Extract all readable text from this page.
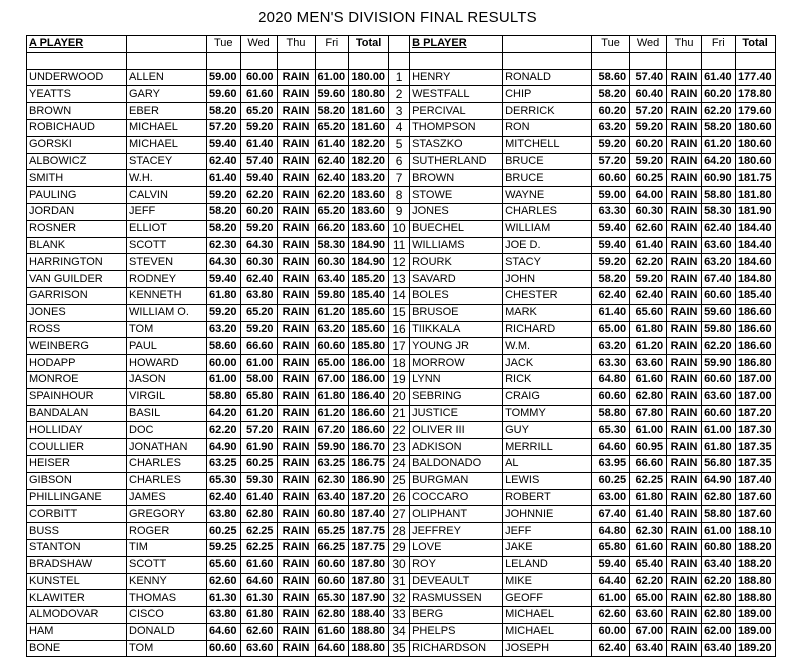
2020 MEN'S DIVISION FINAL RESULTS
A PLAYER		Tue	Wed	Thu	Fri	Total		B PLAYER		Tue	Wed	Thu	Fri	Total

UNDERWOOD	ALLEN	59.00	60.00	RAIN	61.00	180.00	1	HENRY	RONALD	58.60	57.40	RAIN	61.40	177.40
YEATTS	GARY	59.60	61.60	RAIN	59.60	180.80	2	WESTFALL	CHIP	58.20	60.40	RAIN	60.20	178.80
BROWN	EBER	58.20	65.20	RAIN	58.20	181.60	3	PERCIVAL	DERRICK	60.20	57.20	RAIN	62.20	179.60
ROBICHAUD	MICHAEL	57.20	59.20	RAIN	65.20	181.60	4	THOMPSON	RON	63.20	59.20	RAIN	58.20	180.60
GORSKI	MICHAEL	59.40	61.40	RAIN	61.40	182.20	5	STASZKO	MITCHELL	59.20	60.20	RAIN	61.20	180.60
ALBOWICZ	STACEY	62.40	57.40	RAIN	62.40	182.20	6	SUTHERLAND	BRUCE	57.20	59.20	RAIN	64.20	180.60
SMITH	W.H.	61.40	59.40	RAIN	62.40	183.20	7	BROWN	BRUCE	60.60	60.25	RAIN	60.90	181.75
PAULING	CALVIN	59.20	62.20	RAIN	62.20	183.60	8	STOWE	WAYNE	59.00	64.00	RAIN	58.80	181.80
JORDAN	JEFF	58.20	60.20	RAIN	65.20	183.60	9	JONES	CHARLES	63.30	60.30	RAIN	58.30	181.90
ROSNER	ELLIOT	58.20	59.20	RAIN	66.20	183.60	10	BUECHEL	WILLIAM	59.40	62.60	RAIN	62.40	184.40
BLANK	SCOTT	62.30	64.30	RAIN	58.30	184.90	11	WILLIAMS	JOE D.	59.40	61.40	RAIN	63.60	184.40
HARRINGTON	STEVEN	64.30	60.30	RAIN	60.30	184.90	12	ROURK	STACY	59.20	62.20	RAIN	63.20	184.60
VAN GUILDER	RODNEY	59.40	62.40	RAIN	63.40	185.20	13	SAVARD	JOHN	58.20	59.20	RAIN	67.40	184.80
GARRISON	KENNETH	61.80	63.80	RAIN	59.80	185.40	14	BOLES	CHESTER	62.40	62.40	RAIN	60.60	185.40
JONES	WILLIAM O.	59.20	65.20	RAIN	61.20	185.60	15	BRUSOE	MARK	61.40	65.60	RAIN	59.60	186.60
ROSS	TOM	63.20	59.20	RAIN	63.20	185.60	16	TIIKKALA	RICHARD	65.00	61.80	RAIN	59.80	186.60
WEINBERG	PAUL	58.60	66.60	RAIN	60.60	185.80	17	YOUNG JR	W.M.	63.20	61.20	RAIN	62.20	186.60
HODAPP	HOWARD	60.00	61.00	RAIN	65.00	186.00	18	MORROW	JACK	63.30	63.60	RAIN	59.90	186.80
MONROE	JASON	61.00	58.00	RAIN	67.00	186.00	19	LYNN	RICK	64.80	61.60	RAIN	60.60	187.00
SPAINHOUR	VIRGIL	58.80	65.80	RAIN	61.80	186.40	20	SEBRING	CRAIG	60.60	62.80	RAIN	63.60	187.00
BANDALAN	BASIL	64.20	61.20	RAIN	61.20	186.60	21	JUSTICE	TOMMY	58.80	67.80	RAIN	60.60	187.20
HOLLIDAY	DOC	62.20	57.20	RAIN	67.20	186.60	22	OLIVER III	GUY	65.30	61.00	RAIN	61.00	187.30
COULLIER	JONATHAN	64.90	61.90	RAIN	59.90	186.70	23	ADKISON	MERRILL	64.60	60.95	RAIN	61.80	187.35
HEISER	CHARLES	63.25	60.25	RAIN	63.25	186.75	24	BALDONADO	AL	63.95	66.60	RAIN	56.80	187.35
GIBSON	CHARLES	65.30	59.30	RAIN	62.30	186.90	25	BURGMAN	LEWIS	60.25	62.25	RAIN	64.90	187.40
PHILLINGANE	JAMES	62.40	61.40	RAIN	63.40	187.20	26	COCCARO	ROBERT	63.00	61.80	RAIN	62.80	187.60
CORBITT	GREGORY	63.80	62.80	RAIN	60.80	187.40	27	OLIPHANT	JOHNNIE	67.40	61.40	RAIN	58.80	187.60
BUSS	ROGER	60.25	62.25	RAIN	65.25	187.75	28	JEFFREY	JEFF	64.80	62.30	RAIN	61.00	188.10
STANTON	TIM	59.25	62.25	RAIN	66.25	187.75	29	LOVE	JAKE	65.80	61.60	RAIN	60.80	188.20
BRADSHAW	SCOTT	65.60	61.60	RAIN	60.60	187.80	30	ROY	LELAND	59.40	65.40	RAIN	63.40	188.20
KUNSTEL	KENNY	62.60	64.60	RAIN	60.60	187.80	31	DEVEAULT	MIKE	64.40	62.20	RAIN	62.20	188.80
KLAWITER	THOMAS	61.30	61.30	RAIN	65.30	187.90	32	RASMUSSEN	GEOFF	61.00	65.00	RAIN	62.80	188.80
ALMODOVAR	CISCO	63.80	61.80	RAIN	62.80	188.40	33	BERG	MICHAEL	62.60	63.60	RAIN	62.80	189.00
HAM	DONALD	64.60	62.60	RAIN	61.60	188.80	34	PHELPS	MICHAEL	60.00	67.00	RAIN	62.00	189.00
BONE	TOM	60.60	63.60	RAIN	64.60	188.80	35	RICHARDSON	JOSEPH	62.40	63.40	RAIN	63.40	189.20
